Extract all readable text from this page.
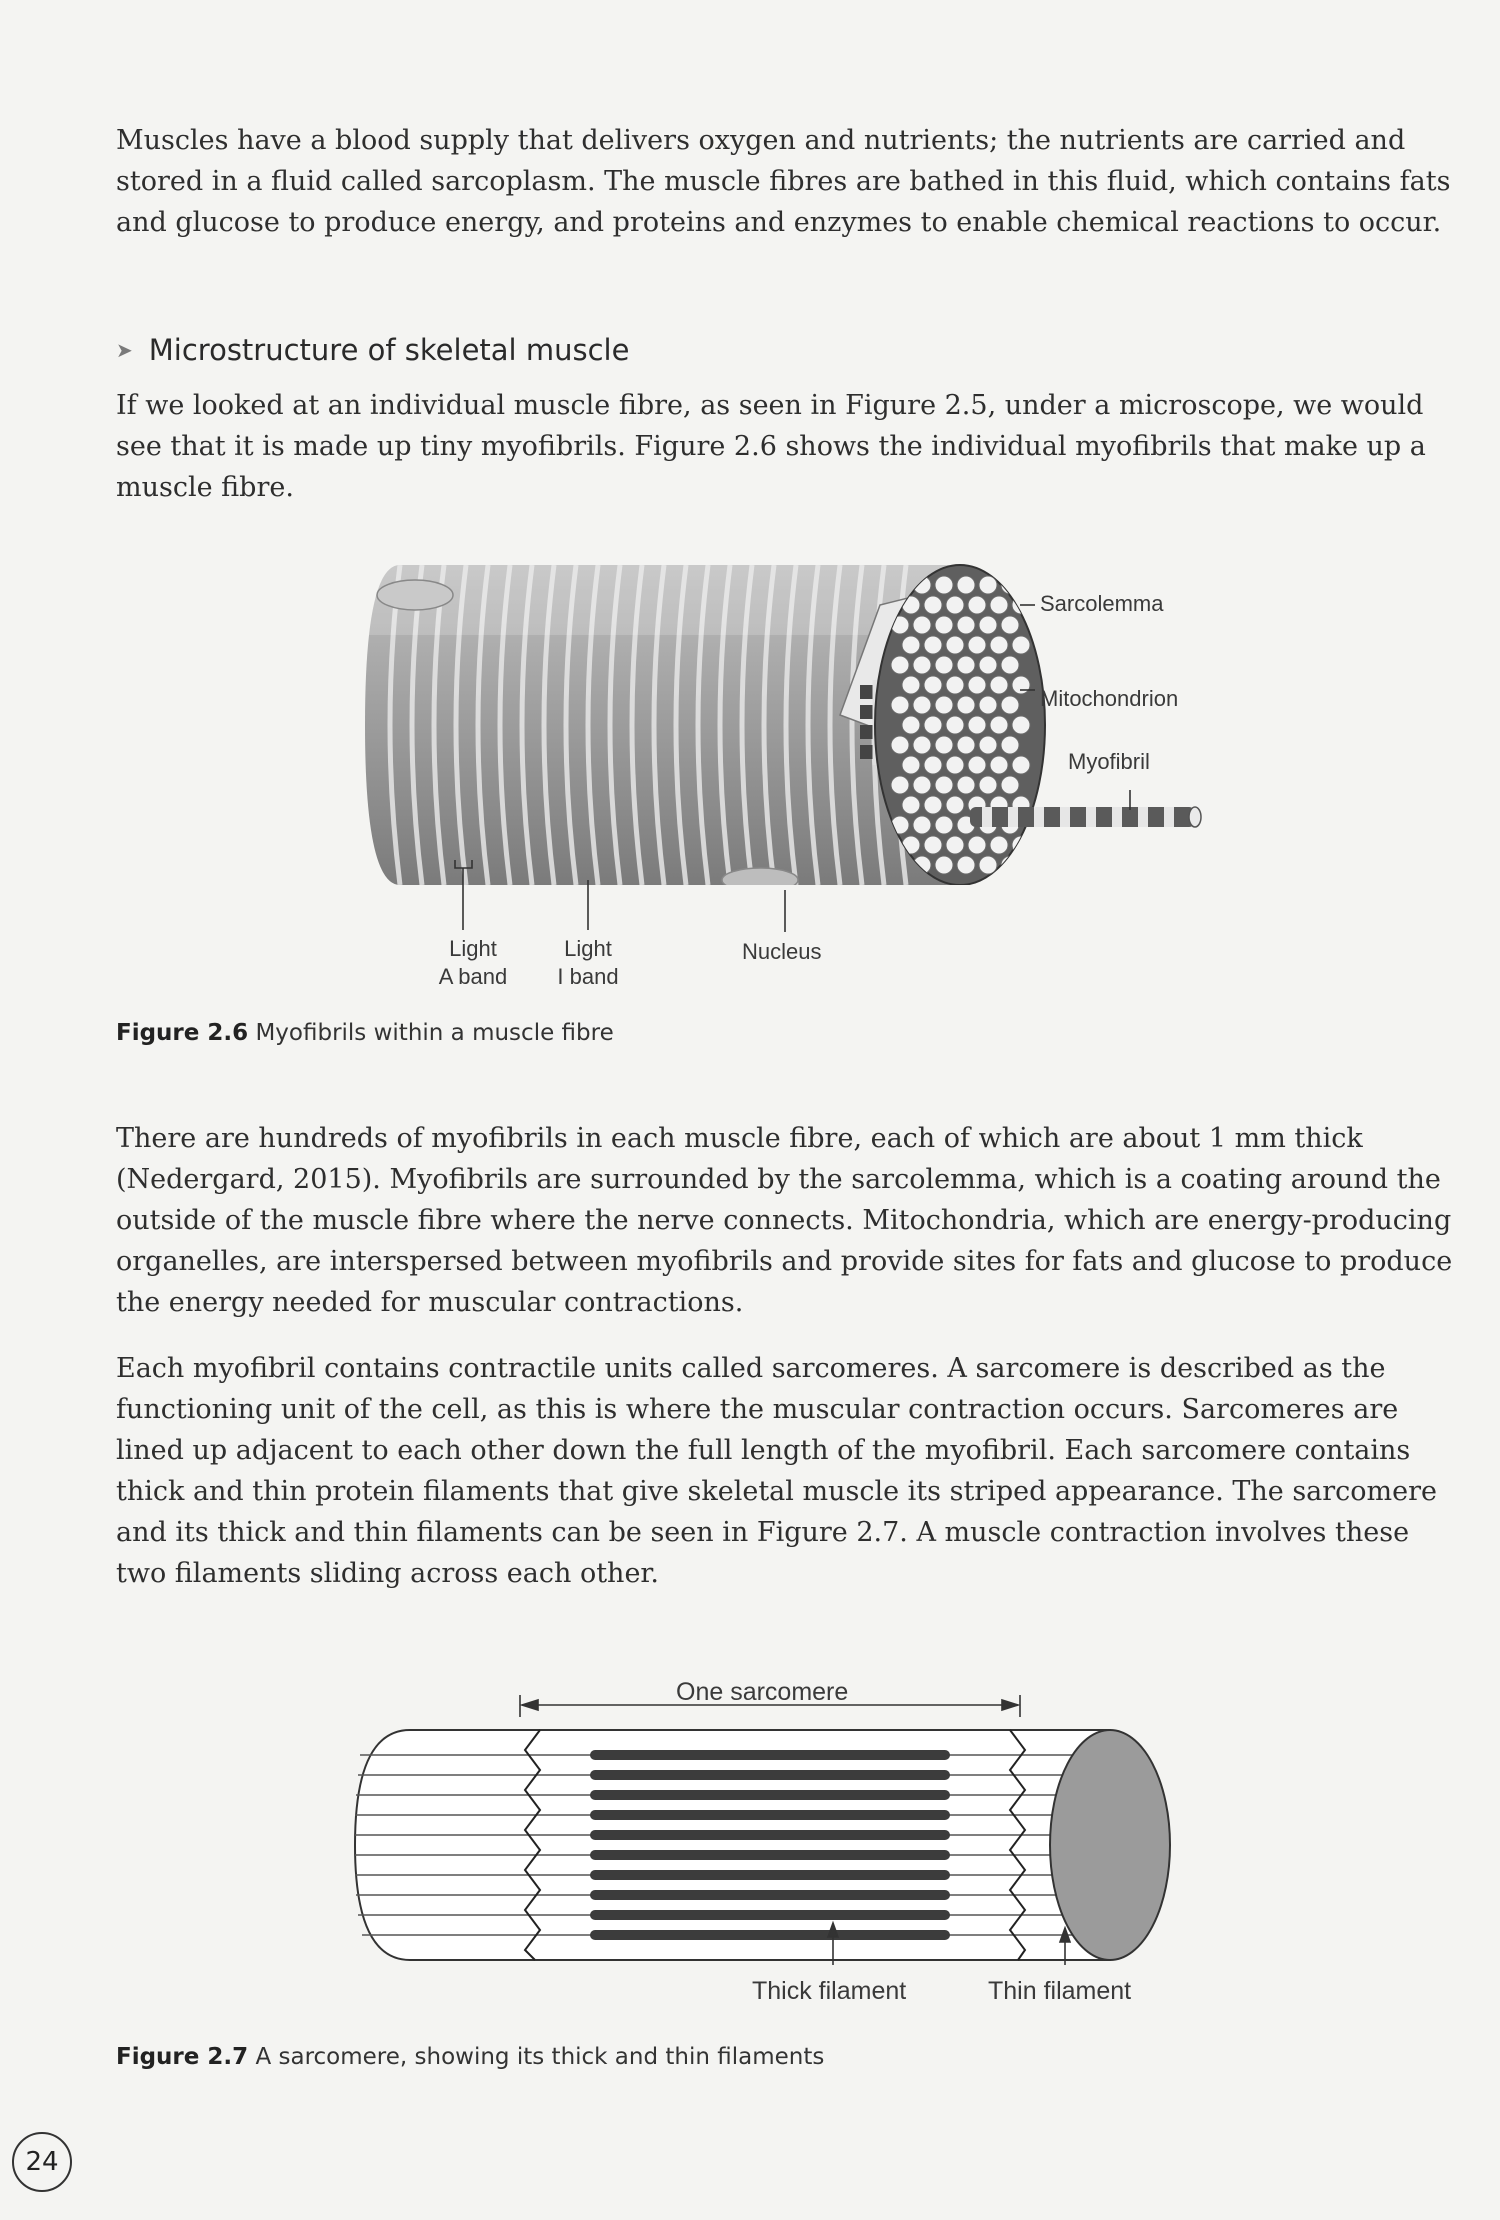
Muscles have a blood supply that delivers oxygen and nutrients; the nutrients are carried and stored in a fluid called sarcoplasm. The muscle fibres are bathed in this fluid, which contains fats and glucose to produce energy, and proteins and enzymes to enable chemical reactions to occur.

➤ Microstructure of skeletal muscle

If we looked at an individual muscle fibre, as seen in Figure 2.5, under a microscope, we would see that it is made up tiny myofibrils. Figure 2.6 shows the individual myofibrils that make up a muscle fibre.

Sarcolemma
Mitochondrion
Myofibril
Light
A band
Light
I band
Nucleus

Figure 2.6 Myofibrils within a muscle fibre

There are hundreds of myofibrils in each muscle fibre, each of which are about 1 mm thick (Nedergard, 2015). Myofibrils are surrounded by the sarcolemma, which is a coating around the outside of the muscle fibre where the nerve connects. Mitochondria, which are energy-producing organelles, are interspersed between myofibrils and provide sites for fats and glucose to produce the energy needed for muscular contractions.

Each myofibril contains contractile units called sarcomeres. A sarcomere is described as the functioning unit of the cell, as this is where the muscular contraction occurs. Sarcomeres are lined up adjacent to each other down the full length of the myofibril. Each sarcomere contains thick and thin protein filaments that give skeletal muscle its striped appearance. The sarcomere and its thick and thin filaments can be seen in Figure 2.7. A muscle contraction involves these two filaments sliding across each other.

One sarcomere
Thick filament	Thin filament

Figure 2.7 A sarcomere, showing its thick and thin filaments

24
